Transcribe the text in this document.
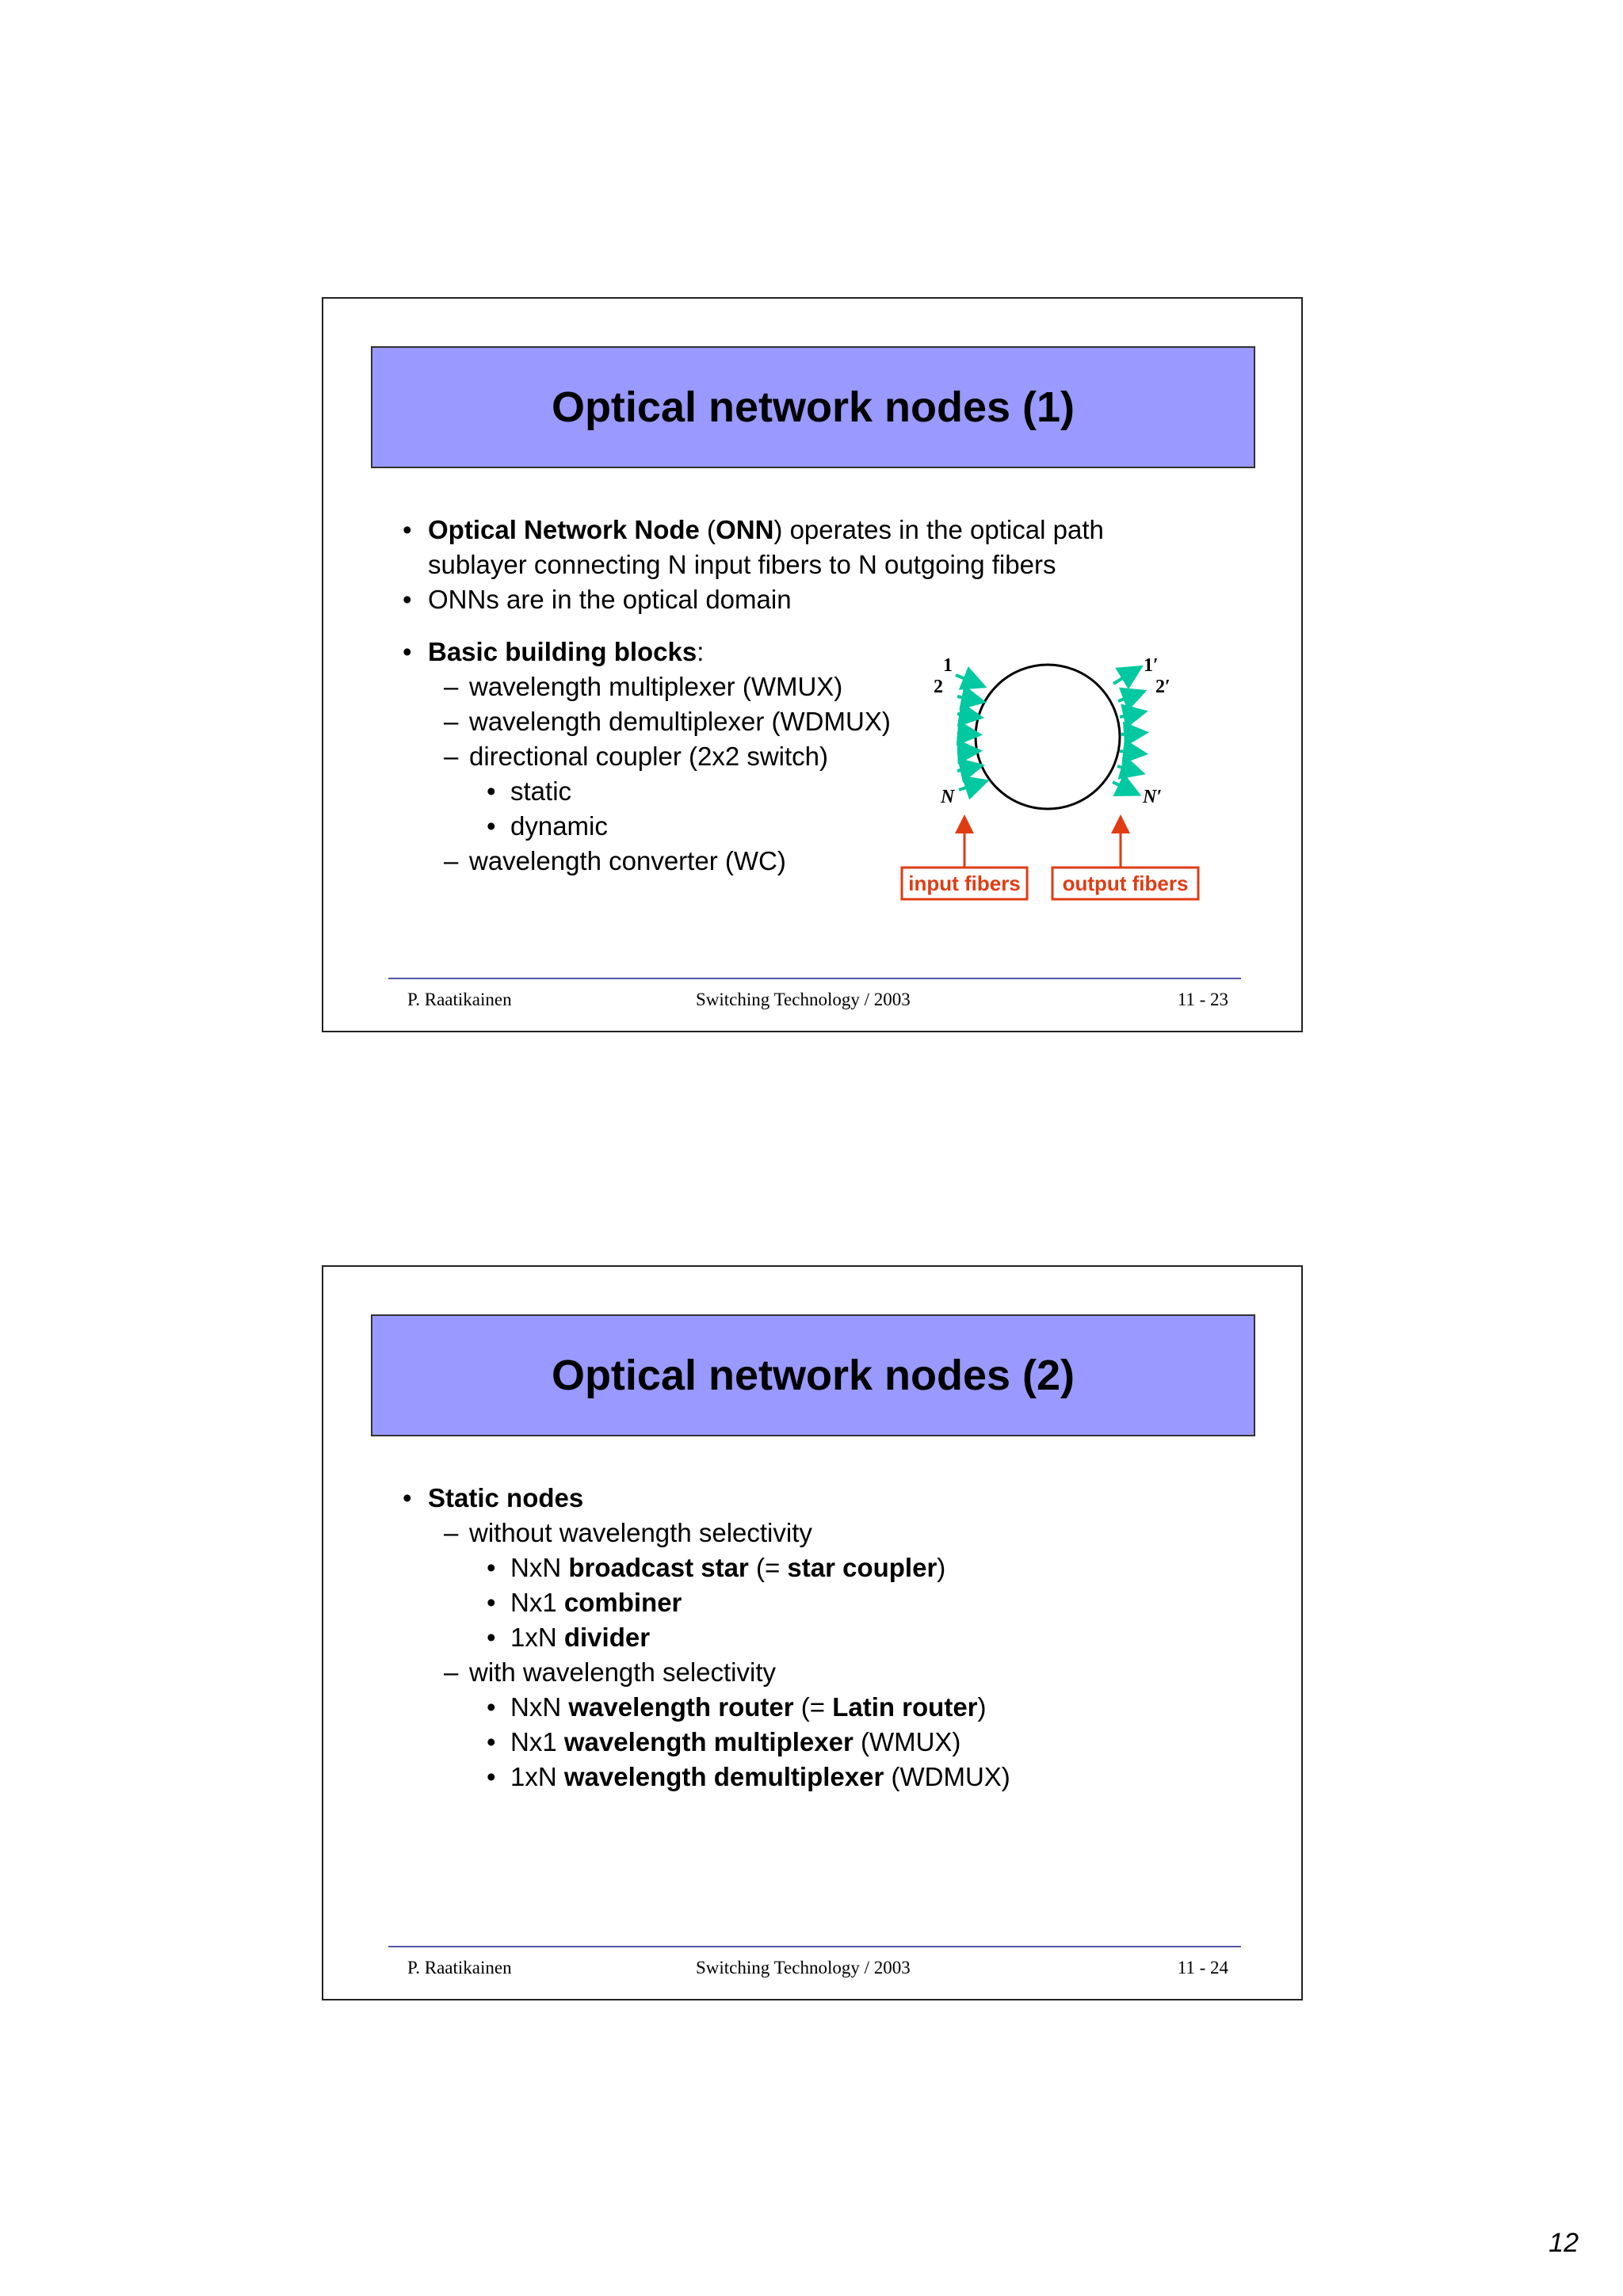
Optical network nodes (1)
• Optical Network Node (ONN) operates in the optical path sublayer connecting N input fibers to N outgoing fibers
• ONNs are in the optical domain
• Basic building blocks:
– wavelength multiplexer (WMUX)
– wavelength demultiplexer (WDMUX)
– directional coupler (2x2 switch)
• static
• dynamic
– wavelength converter (WC)
1
2
N
1′
2′
N′
input fibers output fibers
P. Raatikainen	Switching Technology / 2003	11 - 23
Optical network nodes (2)
• Static nodes
– without wavelength selectivity
• NxN broadcast star (= star coupler)
• Nx1 combiner
• 1xN divider
– with wavelength selectivity
• NxN wavelength router (= Latin router)
• Nx1 wavelength multiplexer (WMUX)
• 1xN wavelength demultiplexer (WDMUX)
P. Raatikainen	Switching Technology / 2003	11 - 24
12
